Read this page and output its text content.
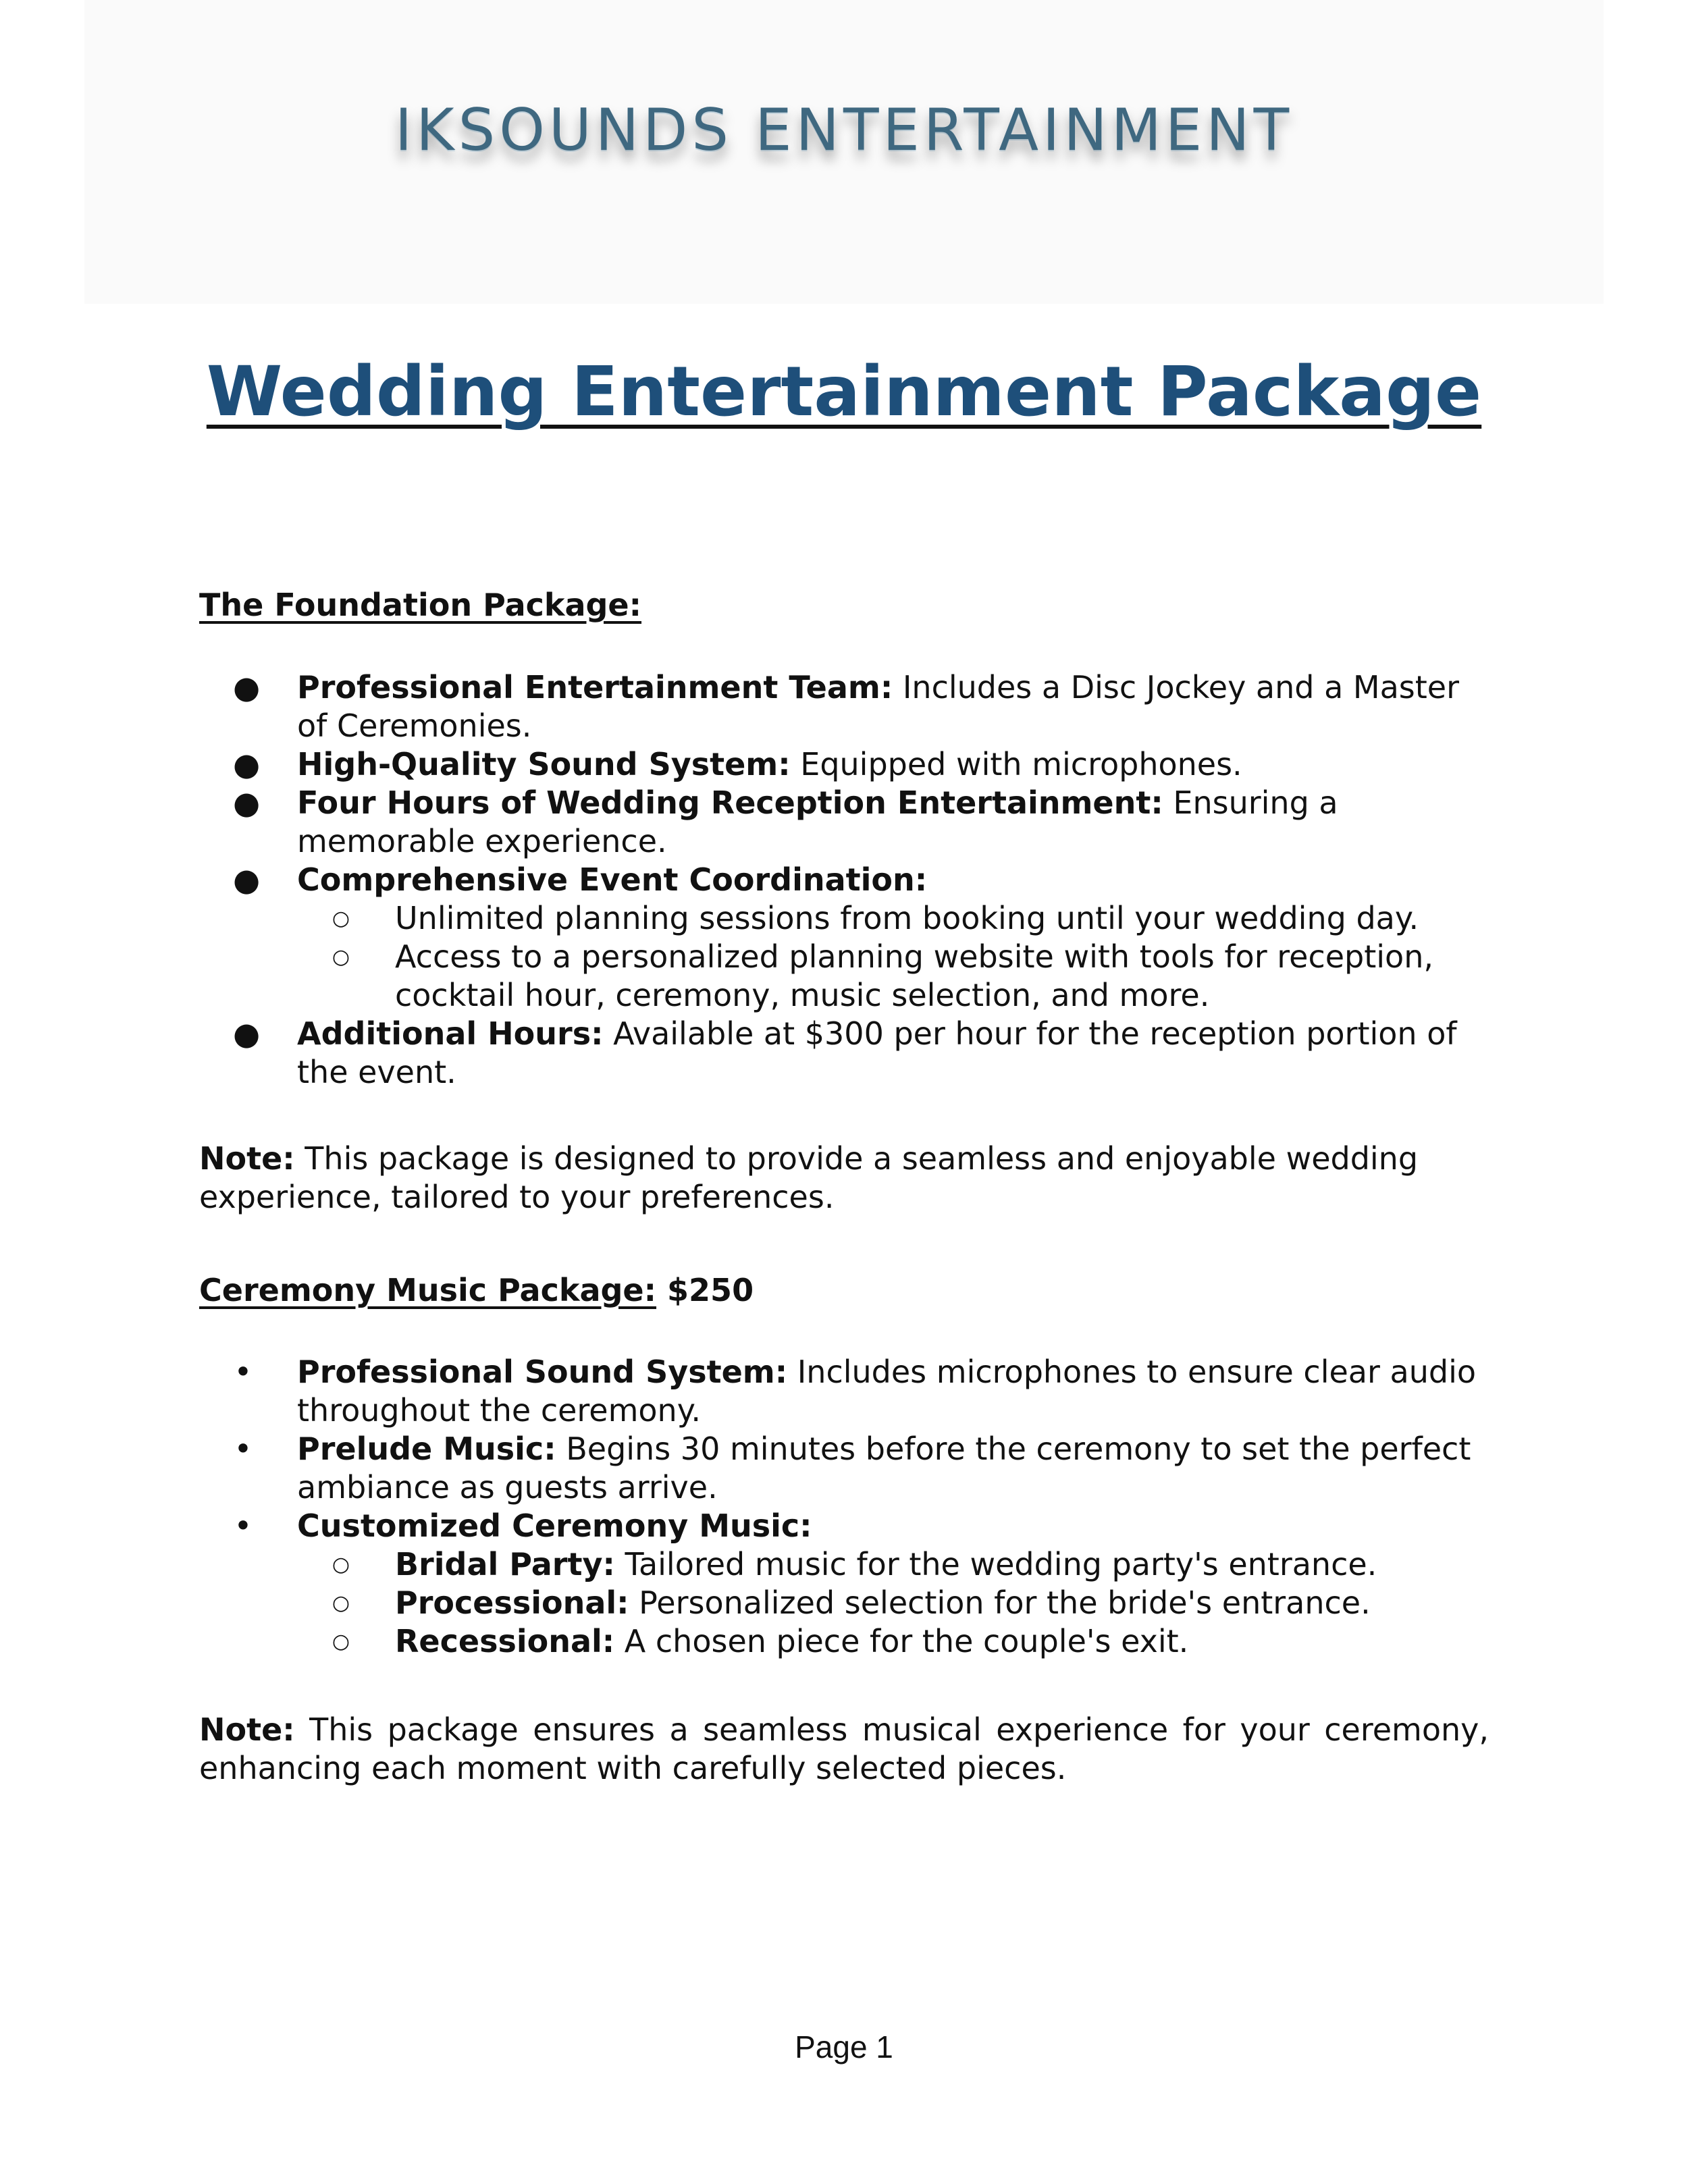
IKSOUNDS ENTERTAINMENT
Wedding Entertainment Package

The Foundation Package:

● Professional Entertainment Team: Includes a Disc Jockey and a Master of Ceremonies.
● High-Quality Sound System: Equipped with microphones.
● Four Hours of Wedding Reception Entertainment: Ensuring a memorable experience.
● Comprehensive Event Coordination:
○ Unlimited planning sessions from booking until your wedding day.
○ Access to a personalized planning website with tools for reception, cocktail hour, ceremony, music selection, and more.
● Additional Hours: Available at $300 per hour for the reception portion of the event.

Note: This package is designed to provide a seamless and enjoyable wedding experience, tailored to your preferences.

Ceremony Music Package: $250

• Professional Sound System: Includes microphones to ensure clear audio throughout the ceremony.
• Prelude Music: Begins 30 minutes before the ceremony to set the perfect ambiance as guests arrive.
• Customized Ceremony Music:
○ Bridal Party: Tailored music for the wedding party's entrance.
○ Processional: Personalized selection for the bride's entrance.
○ Recessional: A chosen piece for the couple's exit.

Note: This package ensures a seamless musical experience for your ceremony, enhancing each moment with carefully selected pieces.

Page 1
